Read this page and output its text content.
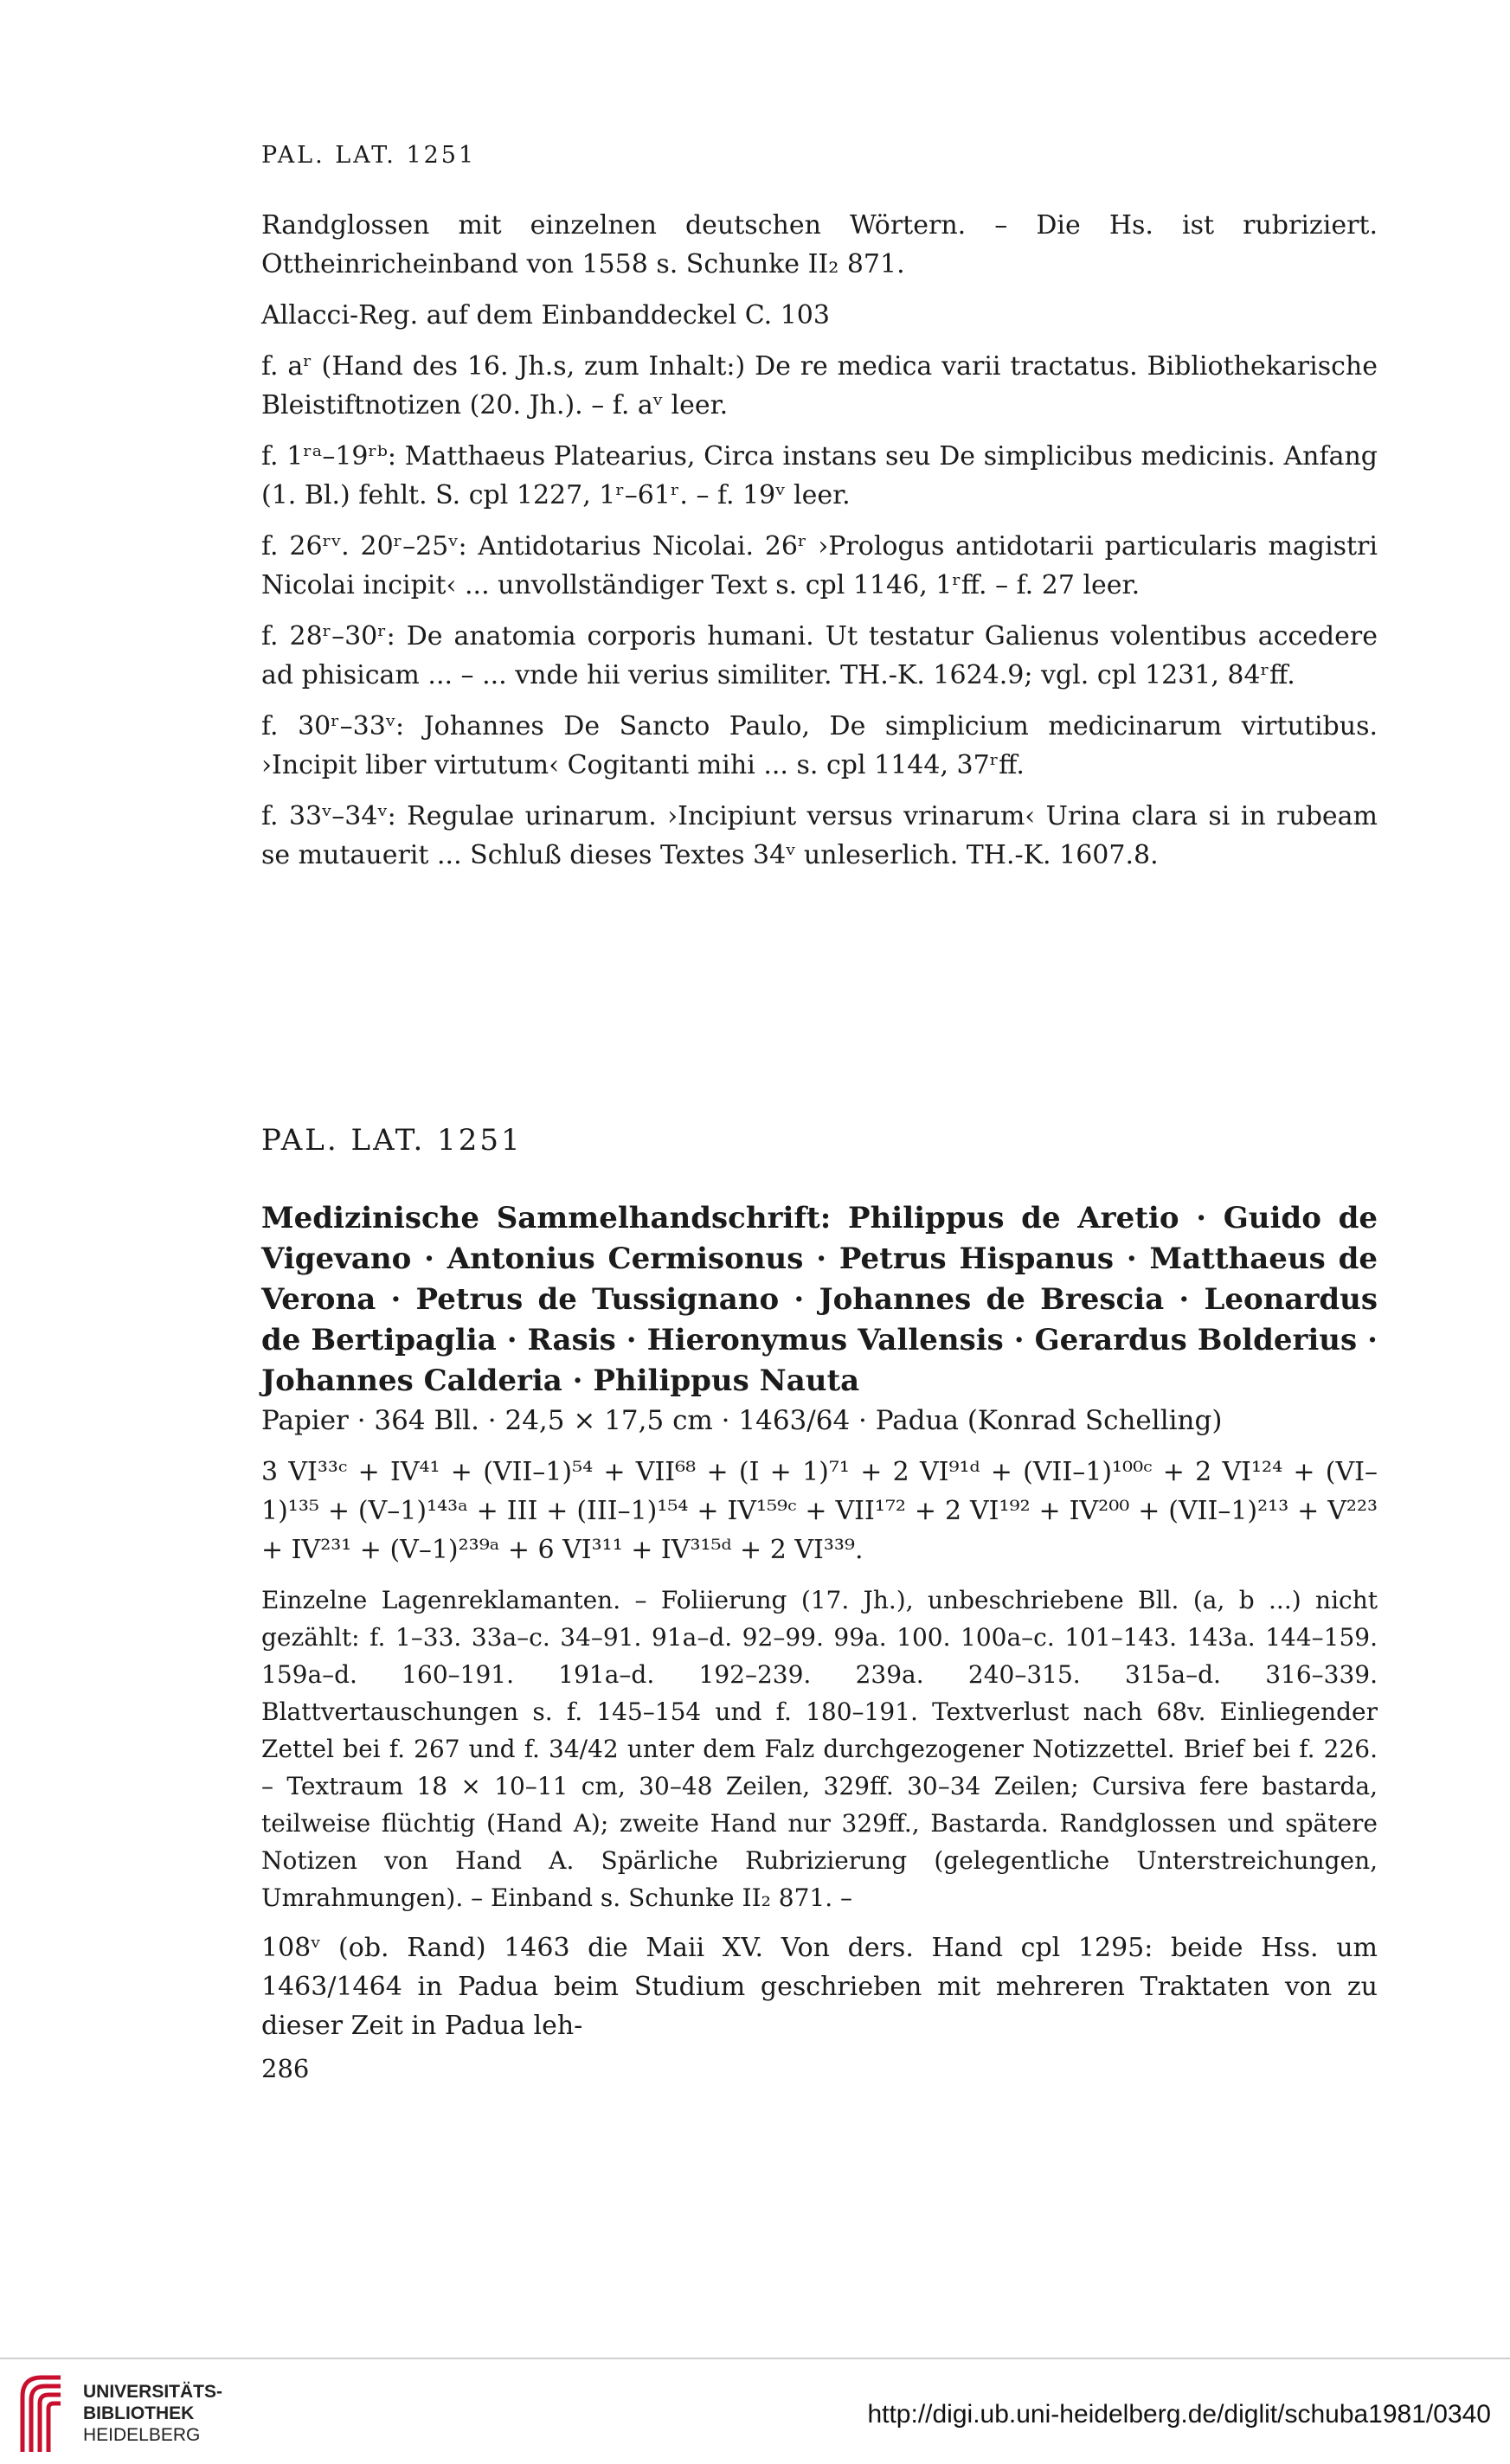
PAL. LAT. 1251

Randglossen mit einzelnen deutschen Wörtern. – Die Hs. ist rubriziert. Ottheinricheinband von 1558 s. Schunke II₂ 871.

Allacci-Reg. auf dem Einbanddeckel C. 103

f. aʳ (Hand des 16. Jh.s, zum Inhalt:) De re medica varii tractatus. Bibliothekarische Bleistiftnotizen (20. Jh.). – f. aᵛ leer.

f. 1ʳᵃ–19ʳᵇ: Matthaeus Platearius, Circa instans seu De simplicibus medicinis. Anfang (1. Bl.) fehlt. S. cpl 1227, 1ʳ–61ʳ. – f. 19ᵛ leer.

f. 26ʳᵛ. 20ʳ–25ᵛ: Antidotarius Nicolai. 26ʳ ›Prologus antidotarii particularis magistri Nicolai incipit‹ ... unvollständiger Text s. cpl 1146, 1ʳff. – f. 27 leer.

f. 28ʳ–30ʳ: De anatomia corporis humani. Ut testatur Galienus volentibus accedere ad phisicam ... – ... vnde hii verius similiter. TH.-K. 1624.9; vgl. cpl 1231, 84ʳff.

f. 30ʳ–33ᵛ: Johannes De Sancto Paulo, De simplicium medicinarum virtutibus. ›Incipit liber virtutum‹ Cogitanti mihi ... s. cpl 1144, 37ʳff.

f. 33ᵛ–34ᵛ: Regulae urinarum. ›Incipiunt versus vrinarum‹ Urina clara si in rubeam se mutauerit ... Schluß dieses Textes 34ᵛ unleserlich. TH.-K. 1607.8.

PAL. LAT. 1251
Medizinische Sammelhandschrift: Philippus de Aretio · Guido de Vigevano · Antonius Cermisonus · Petrus Hispanus · Matthaeus de Verona · Petrus de Tussignano · Johannes de Brescia · Leonardus de Bertipaglia · Rasis · Hieronymus Vallensis · Gerardus Bolderius · Johannes Calderia · Philippus Nauta

Papier · 364 Bll. · 24,5 × 17,5 cm · 1463/64 · Padua (Konrad Schelling)

3 VI³³ᶜ + IV⁴¹ + (VII–1)⁵⁴ + VII⁶⁸ + (I + 1)⁷¹ + 2 VI⁹¹ᵈ + (VII–1)¹⁰⁰ᶜ + 2 VI¹²⁴ + (VI–1)¹³⁵ + (V–1)¹⁴³ᵃ + III + (III–1)¹⁵⁴ + IV¹⁵⁹ᶜ + VII¹⁷² + 2 VI¹⁹² + IV²⁰⁰ + (VII–1)²¹³ + V²²³ + IV²³¹ + (V–1)²³⁹ᵃ + 6 VI³¹¹ + IV³¹⁵ᵈ + 2 VI³³⁹.

Einzelne Lagenreklamanten. – Foliierung (17. Jh.), unbeschriebene Bll. (a, b ...) nicht gezählt: f. 1–33. 33a–c. 34–91. 91a–d. 92–99. 99a. 100. 100a–c. 101–143. 143a. 144–159. 159a–d. 160–191. 191a–d. 192–239. 239a. 240–315. 315a–d. 316–339. Blattvertauschungen s. f. 145–154 und f. 180–191. Textverlust nach 68v. Einliegender Zettel bei f. 267 und f. 34/42 unter dem Falz durchgezogener Notizzettel. Brief bei f. 226. – Textraum 18 × 10–11 cm, 30–48 Zeilen, 329ff. 30–34 Zeilen; Cursiva fere bastarda, teilweise flüchtig (Hand A); zweite Hand nur 329ff., Bastarda. Randglossen und spätere Notizen von Hand A. Spärliche Rubrizierung (gelegentliche Unterstreichungen, Umrahmungen). – Einband s. Schunke II₂ 871. –

108ᵛ (ob. Rand) 1463 die Maii XV. Von ders. Hand cpl 1295: beide Hss. um 1463/1464 in Padua beim Studium geschrieben mit mehreren Traktaten von zu dieser Zeit in Padua leh-

286
UNIVERSITÄTS-
BIBLIOTHEK
HEIDELBERG
http://digi.ub.uni-heidelberg.de/diglit/schuba1981/0340
